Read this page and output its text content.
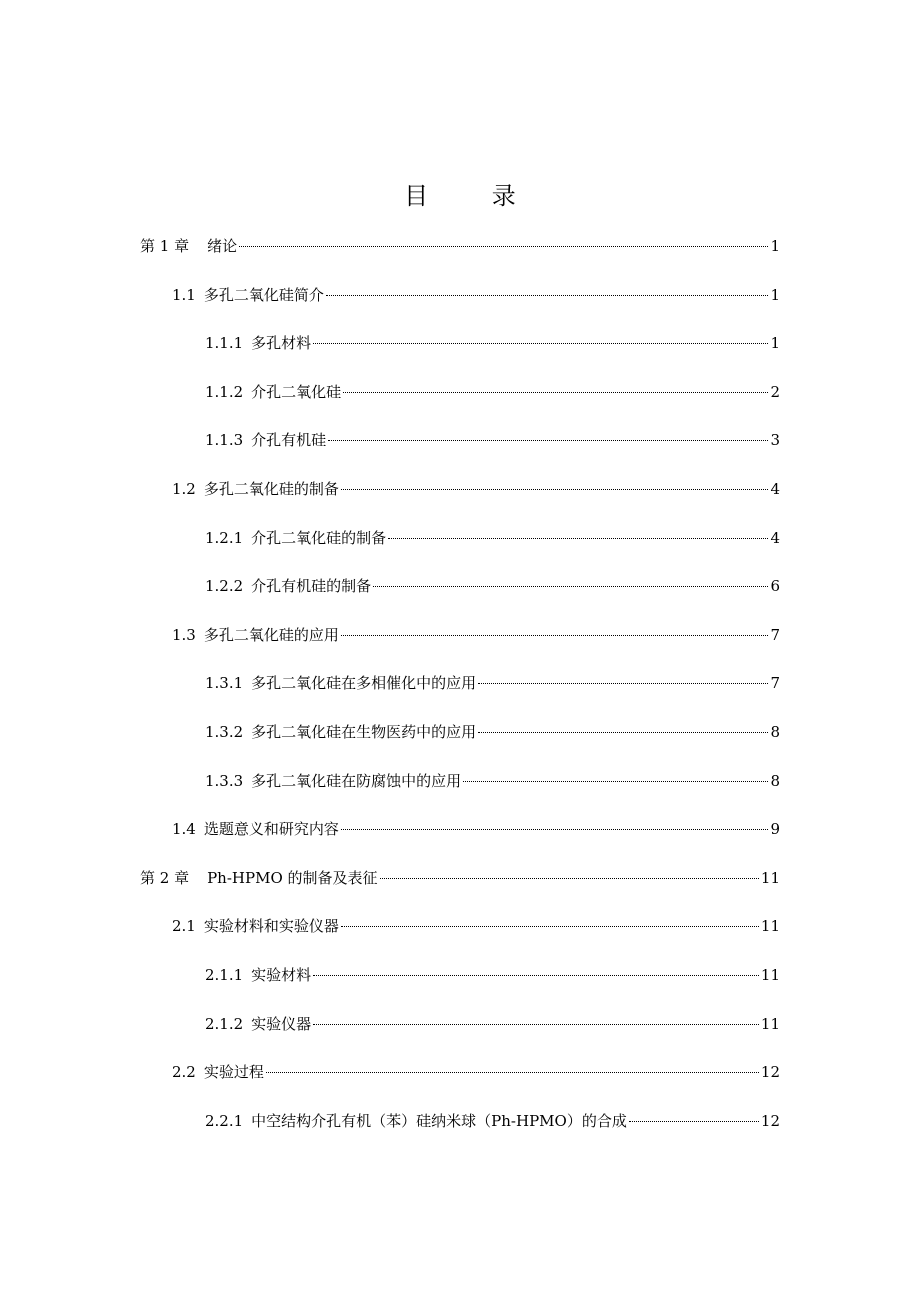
目 录
第 1 章 绪论	1
1.1 多孔二氧化硅简介	1
1.1.1 多孔材料	1
1.1.2 介孔二氧化硅	2
1.1.3 介孔有机硅	3
1.2 多孔二氧化硅的制备	4
1.2.1 介孔二氧化硅的制备	4
1.2.2 介孔有机硅的制备	6
1.3 多孔二氧化硅的应用	7
1.3.1 多孔二氧化硅在多相催化中的应用	7
1.3.2 多孔二氧化硅在生物医药中的应用	8
1.3.3 多孔二氧化硅在防腐蚀中的应用	8
1.4 选题意义和研究内容	9
第 2 章 Ph-HPMO 的制备及表征	11
2.1 实验材料和实验仪器	11
2.1.1 实验材料	11
2.1.2 实验仪器	11
2.2 实验过程	12
2.2.1 中空结构介孔有机（苯）硅纳米球（Ph-HPMO）的合成	12
